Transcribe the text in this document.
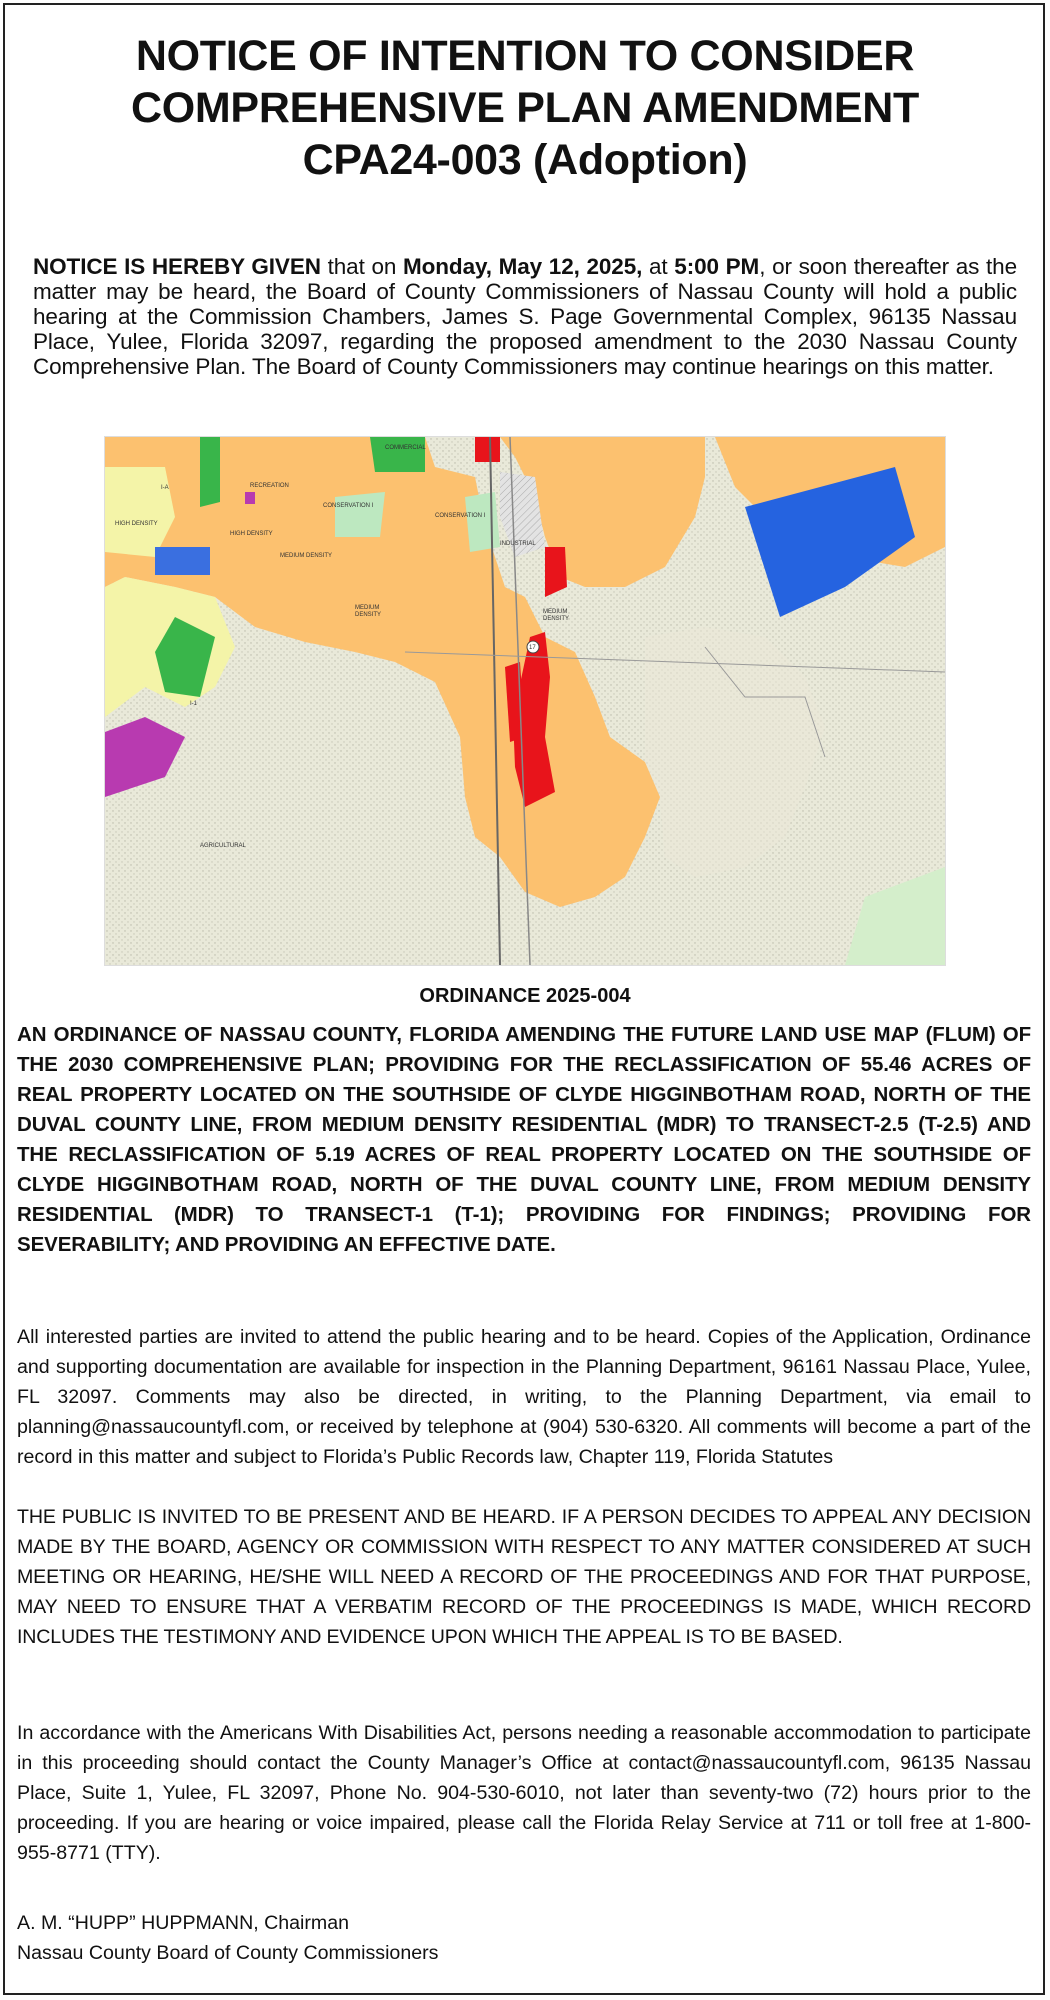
NOTICE OF INTENTION TO CONSIDER
COMPREHENSIVE PLAN AMENDMENT
CPA24-003 (Adoption)
NOTICE IS HEREBY GIVEN that on Monday, May 12, 2025, at 5:00 PM, or soon thereafter as the matter may be heard, the Board of County Commissioners of Nassau County will hold a public hearing at the Commission Chambers, James S. Page Governmental Complex, 96135 Nassau Place, Yulee, Florida 32097, regarding the proposed amendment to the 2030 Nassau County Comprehensive Plan. The Board of County Commissioners may continue hearings on this matter.
I-A	RECREATION
HIGH DENSITY
HIGH DENSITY
CONSERVATION I
MEDIUM DENSITY
COMMERCIAL
CONSERVATION I
INDUSTRIAL
MEDIUM
DENSITY	MEDIUM
DENSITY
AGRICULTURAL
I-1
17
ORDINANCE 2025-004
AN ORDINANCE OF NASSAU COUNTY, FLORIDA AMENDING THE FUTURE LAND USE MAP (FLUM) OF THE 2030 COMPREHENSIVE PLAN; PROVIDING FOR THE RECLASSIFICATION OF 55.46 ACRES OF REAL PROPERTY LOCATED ON THE SOUTHSIDE OF CLYDE HIGGINBOTHAM ROAD, NORTH OF THE DUVAL COUNTY LINE, FROM MEDIUM DENSITY RESIDENTIAL (MDR) TO TRANSECT-2.5 (T-2.5) AND THE RECLASSIFICATION OF 5.19 ACRES OF REAL PROPERTY LOCATED ON THE SOUTHSIDE OF CLYDE HIGGINBOTHAM ROAD, NORTH OF THE DUVAL COUNTY LINE, FROM MEDIUM DENSITY RESIDENTIAL (MDR) TO TRANSECT-1 (T-1); PROVIDING FOR FINDINGS; PROVIDING FOR SEVERABILITY; AND PROVIDING AN EFFECTIVE DATE.
All interested parties are invited to attend the public hearing and to be heard. Copies of the Application, Ordinance and supporting documentation are available for inspection in the Planning Department, 96161 Nassau Place, Yulee, FL 32097. Comments may also be directed, in writing, to the Planning Department, via email to planning@nassaucountyfl.com, or received by telephone at (904) 530-6320. All comments will become a part of the record in this matter and subject to Florida’s Public Records law, Chapter 119, Florida Statutes
THE PUBLIC IS INVITED TO BE PRESENT AND BE HEARD. IF A PERSON DECIDES TO APPEAL ANY DECISION MADE BY THE BOARD, AGENCY OR COMMISSION WITH RESPECT TO ANY MATTER CONSIDERED AT SUCH MEETING OR HEARING, HE/SHE WILL NEED A RECORD OF THE PROCEEDINGS AND FOR THAT PURPOSE, MAY NEED TO ENSURE THAT A VERBATIM RECORD OF THE PROCEEDINGS IS MADE, WHICH RECORD INCLUDES THE TESTIMONY AND EVIDENCE UPON WHICH THE APPEAL IS TO BE BASED.
In accordance with the Americans With Disabilities Act, persons needing a reasonable accommodation to participate in this proceeding should contact the County Manager’s Office at contact@nassaucountyfl.com, 96135 Nassau Place, Suite 1, Yulee, FL 32097, Phone No. 904-530-6010, not later than seventy-two (72) hours prior to the proceeding. If you are hearing or voice impaired, please call the Florida Relay Service at 711 or toll free at 1-800-955-8771 (TTY).
A. M. “HUPP” HUPPMANN, Chairman
Nassau County Board of County Commissioners
